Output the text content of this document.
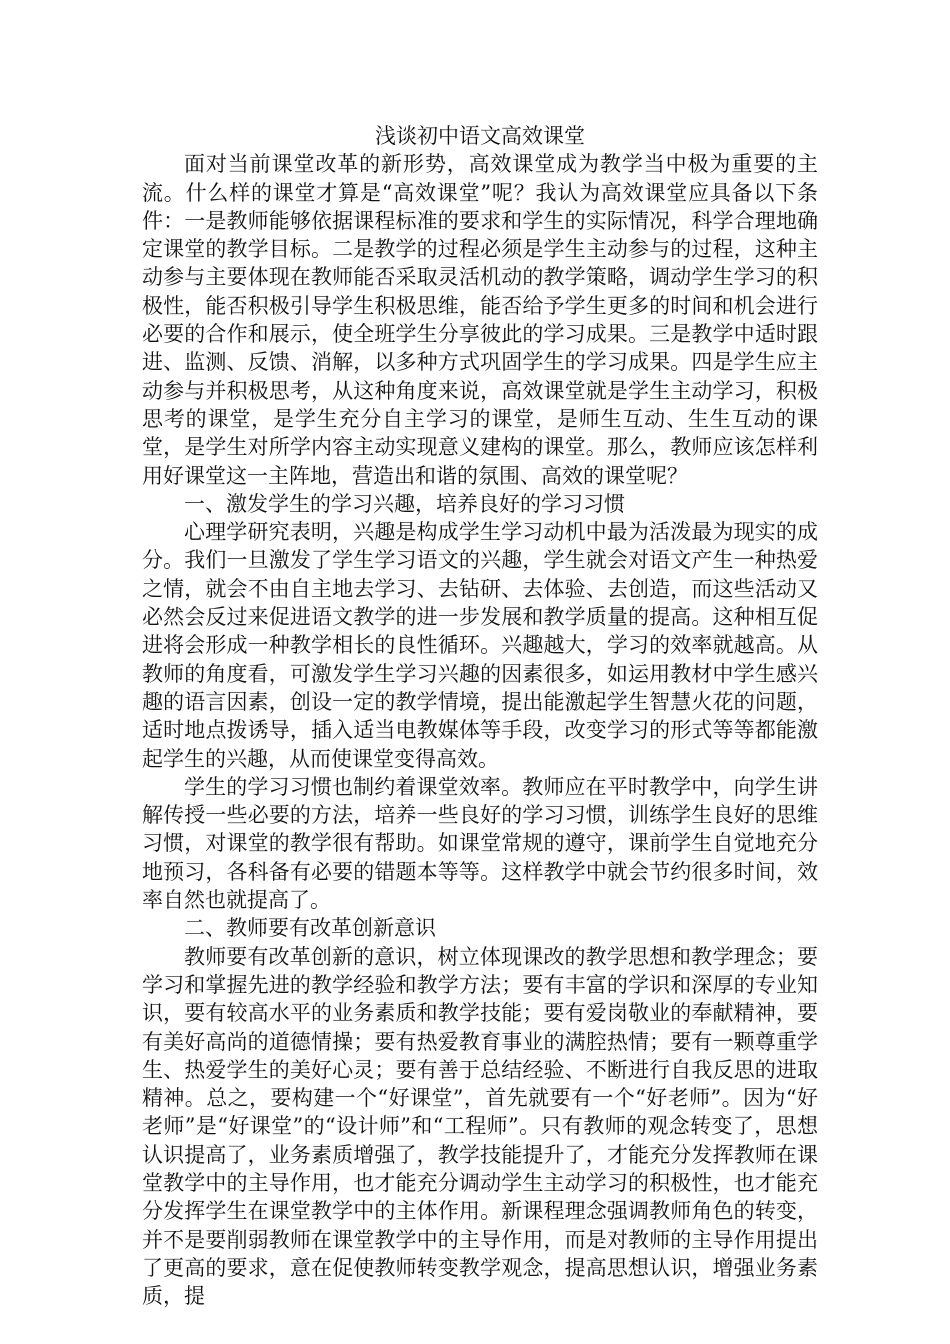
浅谈初中语文高效课堂

面对当前课堂改革的新形势，高效课堂成为教学当中极为重要的主流。什么样的课堂才算是“高效课堂”呢？我认为高效课堂应具备以下条件：一是教师能够依据课程标准的要求和学生的实际情况，科学合理地确定课堂的教学目标。二是教学的过程必须是学生主动参与的过程，这种主动参与主要体现在教师能否采取灵活机动的教学策略，调动学生学习的积极性，能否积极引导学生积极思维，能否给予学生更多的时间和机会进行必要的合作和展示，使全班学生分享彼此的学习成果。三是教学中适时跟进、监测、反馈、消解，以多种方式巩固学生的学习成果。四是学生应主动参与并积极思考，从这种角度来说，高效课堂就是学生主动学习，积极思考的课堂，是学生充分自主学习的课堂，是师生互动、生生互动的课堂，是学生对所学内容主动实现意义建构的课堂。那么，教师应该怎样利用好课堂这一主阵地，营造出和谐的氛围、高效的课堂呢？

一、激发学生的学习兴趣，培养良好的学习习惯

心理学研究表明，兴趣是构成学生学习动机中最为活泼最为现实的成分。我们一旦激发了学生学习语文的兴趣，学生就会对语文产生一种热爱之情，就会不由自主地去学习、去钻研、去体验、去创造，而这些活动又必然会反过来促进语文教学的进一步发展和教学质量的提高。这种相互促进将会形成一种教学相长的良性循环。兴趣越大，学习的效率就越高。从教师的角度看，可激发学生学习兴趣的因素很多，如运用教材中学生感兴趣的语言因素，创设一定的教学情境，提出能激起学生智慧火花的问题，适时地点拨诱导，插入适当电教媒体等手段，改变学习的形式等等都能激起学生的兴趣，从而使课堂变得高效。

学生的学习习惯也制约着课堂效率。教师应在平时教学中，向学生讲解传授一些必要的方法，培养一些良好的学习习惯，训练学生良好的思维习惯，对课堂的教学很有帮助。如课堂常规的遵守，课前学生自觉地充分地预习，各科备有必要的错题本等等。这样教学中就会节约很多时间，效率自然也就提高了。

二、教师要有改革创新意识

教师要有改革创新的意识，树立体现课改的教学思想和教学理念；要学习和掌握先进的教学经验和教学方法；要有丰富的学识和深厚的专业知识，要有较高水平的业务素质和教学技能；要有爱岗敬业的奉献精神，要有美好高尚的道德情操；要有热爱教育事业的满腔热情；要有一颗尊重学生、热爱学生的美好心灵；要有善于总结经验、不断进行自我反思的进取精神。总之，要构建一个“好课堂”，首先就要有一个“好老师”。因为“好老师”是“好课堂”的“设计师”和“工程师”。只有教师的观念转变了，思想认识提高了，业务素质增强了，教学技能提升了，才能充分发挥教师在课堂教学中的主导作用，也才能充分调动学生主动学习的积极性，也才能充分发挥学生在课堂教学中的主体作用。新课程理念强调教师角色的转变，并不是要削弱教师在课堂教学中的主导作用，而是对教师的主导作用提出了更高的要求，意在促使教师转变教学观念，提高思想认识，增强业务素质，提
